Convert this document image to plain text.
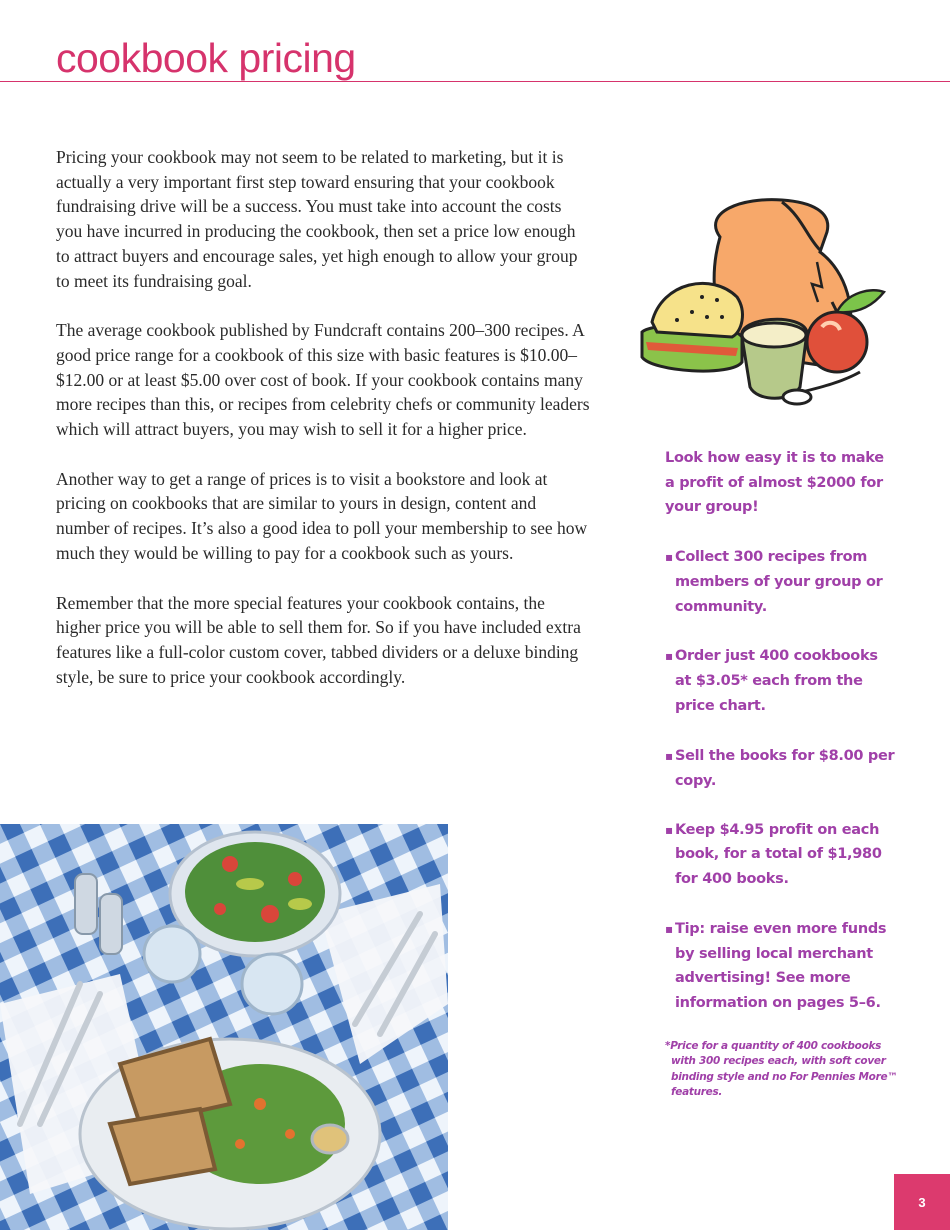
cookbook pricing

Pricing your cookbook may not seem to be related to marketing, but it is actually a very important first step toward ensuring that your cookbook fundraising drive will be a success. You must take into account the costs you have incurred in producing the cookbook, then set a price low enough to attract buyers and encourage sales, yet high enough to allow your group to meet its fundraising goal.

The average cookbook published by Fundcraft contains 200–300 recipes. A good price range for a cookbook of this size with basic features is $10.00–$12.00 or at least $5.00 over cost of book. If your cookbook contains many more recipes than this, or recipes from celebrity chefs or community leaders which will attract buyers, you may wish to sell it for a higher price.

Another way to get a range of prices is to visit a bookstore and look at pricing on cookbooks that are similar to yours in design, content and number of recipes. It’s also a good idea to poll your membership to see how much they would be willing to pay for a cookbook such as yours.

Remember that the more special features your cookbook contains, the higher price you will be able to sell them for. So if you have included extra features like a full-color custom cover, tabbed dividers or a deluxe binding style, be sure to price your cookbook accordingly.

Look how easy it is to make a profit of almost $2000 for your group!

▪ Collect 300 recipes from members of your group or community.
▪ Order just 400 cookbooks at $3.05* each from the price chart.
▪ Sell the books for $8.00 per copy.
▪ Keep $4.95 profit on each book, for a total of $1,980 for 400 books.
▪ Tip: raise even more funds by selling local merchant advertising! See more information on pages 5–6.

*Price for a quantity of 400 cookbooks with 300 recipes each, with soft cover binding style and no For Pennies More™ features.

3
